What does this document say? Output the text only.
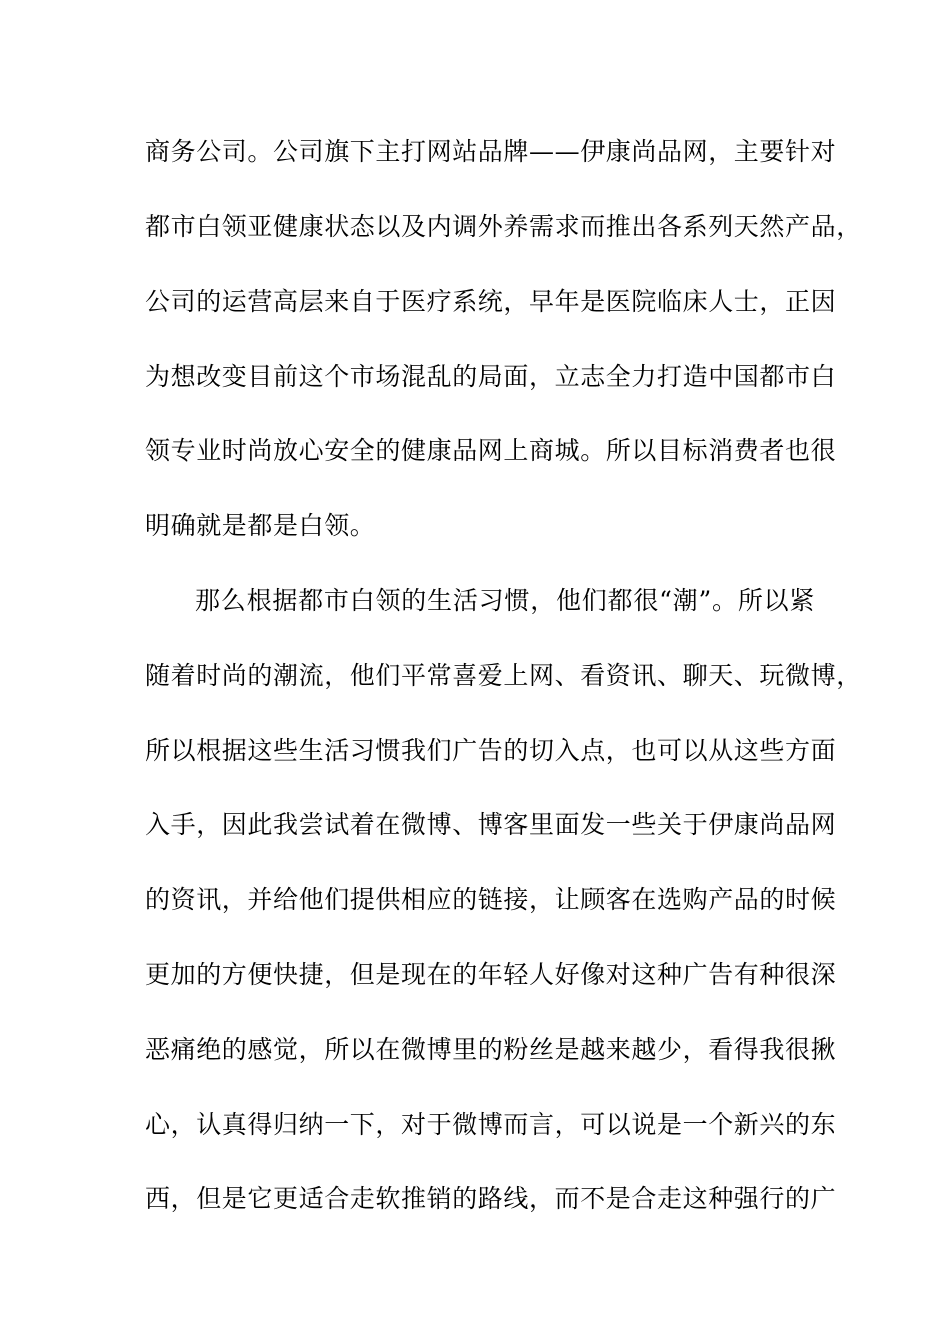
商务公司。公司旗下主打网站品牌——伊康尚品网，主要针对
都市白领亚健康状态以及内调外养需求而推出各系列天然产品，
公司的运营高层来自于医疗系统，早年是医院临床人士，正因
为想改变目前这个市场混乱的局面，立志全力打造中国都市白
领专业时尚放心安全的健康品网上商城。所以目标消费者也很
明确就是都是白领。
那么根据都市白领的生活习惯，他们都很“潮”。所以紧
随着时尚的潮流，他们平常喜爱上网、看资讯、聊天、玩微博，
所以根据这些生活习惯我们广告的切入点，也可以从这些方面
入手，因此我尝试着在微博、博客里面发一些关于伊康尚品网
的资讯，并给他们提供相应的链接，让顾客在选购产品的时候
更加的方便快捷，但是现在的年轻人好像对这种广告有种很深
恶痛绝的感觉，所以在微博里的粉丝是越来越少，看得我很揪
心，认真得归纳一下，对于微博而言，可以说是一个新兴的东
西，但是它更适合走软推销的路线，而不是合走这种强行的广
